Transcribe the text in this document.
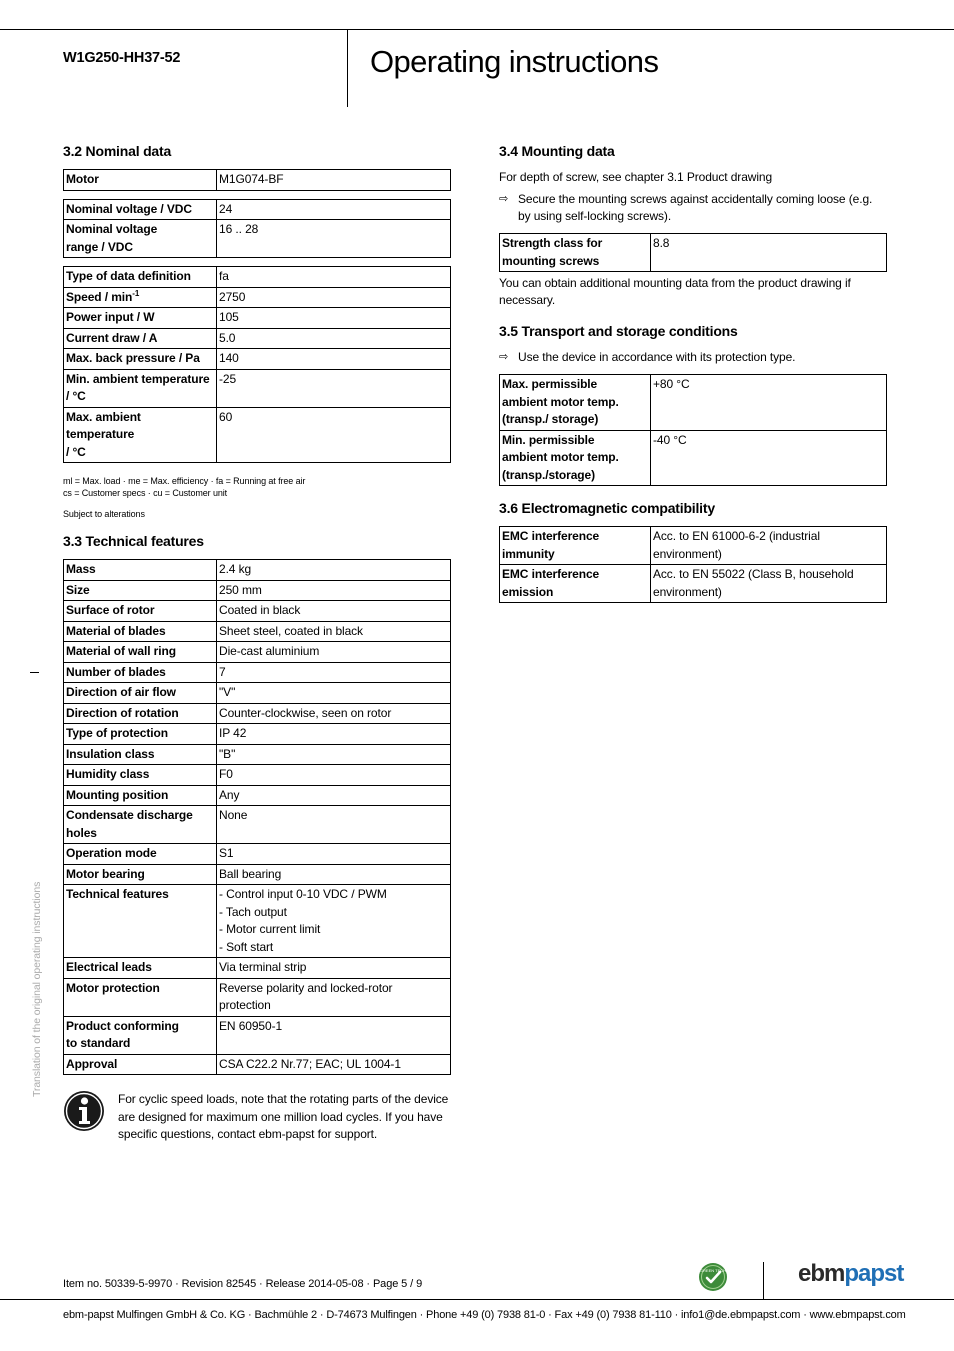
W1G250-HH37-52	Operating instructions
3.2 Nominal data
Motor	M1G074-BF
Nominal voltage / VDC	24
Nominal voltage
range / VDC	16 .. 28
Type of data definition	fa
Speed / $\min^{-1}$	2750
Power input / W	105
Current draw / A	5.0
Max. back pressure / Pa	140
Min. ambient temperature
/ °C	-25
Max. ambient
temperature
/ °C	60
ml = Max. load · me = Max. efficiency · fa = Running at free air
cs = Customer specs · cu = Customer unit
Subject to alterations
3.3 Technical features
Mass	2.4 kg
Size	250 mm
Surface of rotor	Coated in black
Material of blades	Sheet steel, coated in black
Material of wall ring	Die-cast aluminium
Number of blades	7
Direction of air flow	"V"
Direction of rotation	Counter-clockwise, seen on rotor
Type of protection	IP 42
Insulation class	"B"
Humidity class	F0
Mounting position	Any
Condensate discharge
holes	None
Operation mode	S1
Motor bearing	Ball bearing
Technical features	- Control input 0-10 VDC / PWM
- Tach output
- Motor current limit
- Soft start
Electrical leads	Via terminal strip
Motor protection	Reverse polarity and locked-rotor
protection
Product conforming
to standard	EN 60950-1
Approval	CSA C22.2 Nr.77; EAC; UL 1004-1
For cyclic speed loads, note that the rotating parts of the device are designed for maximum one million load cycles. If you have specific questions, contact ebm-papst for support.
3.4 Mounting data

For depth of screw, see chapter 3.1 Product drawing

⇨ Secure the mounting screws against accidentally coming loose (e.g. by using self-locking screws).
Strength class for
mounting screws	8.8

You can obtain additional mounting data from the product drawing if necessary.

3.5 Transport and storage conditions
⇨ Use the device in accordance with its protection type.
Max. permissible
ambient motor temp.
(transp./ storage)	+80 °C
Min. permissible
ambient motor temp.
(transp./storage)	-40 °C
3.6 Electromagnetic compatibility
EMC interference
immunity	Acc. to EN 61000-6-2 (industrial
environment)
EMC interference
emission	Acc. to EN 55022 (Class B, household
environment)
Translation of the original operating instructions
Item no. 50339-5-9970 · Revision 82545 · Release 2014-05-08 · Page 5 / 9
GREEN TECH	ebmpapst
ebm-papst Mulfingen GmbH & Co. KG · Bachmühle 2 · D-74673 Mulfingen · Phone +49 (0) 7938 81-0 · Fax +49 (0) 7938 81-110 · info1@de.ebmpapst.com · www.ebmpapst.com
